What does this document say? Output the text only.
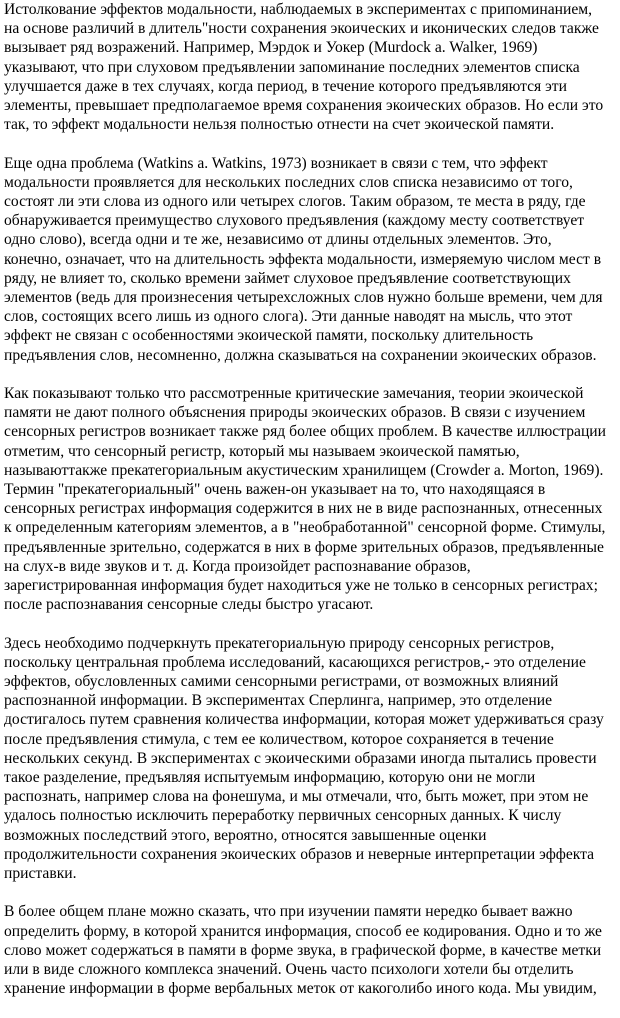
Истолкование эффектов модальности, наблюдаемых в экспериментах с припоминанием,
на основе различий в длитель"ности сохранения экоических и иконических следов также
вызывает ряд возражений. Например, Мэрдок и Уокер (Murdock a. Walker, 1969)
указывают, что при слуховом предъявлении запоминание последних элементов списка
улучшается даже в тех случаях, когда период, в течение которого предъявляются эти
элементы, превышает предполагаемое время сохранения экоических образов. Но если это
так, то эффект модальности нельзя полностью отнести на счет экоической памяти.
Еще одна проблема (Watkins a. Watkins, 1973) возникает в связи с тем, что эффект
модальности проявляется для нескольких последних слов списка независимо от того,
состоят ли эти слова из одного или четырех слогов. Таким образом, те места в ряду, где
обнаруживается преимущество слухового предъявления (каждому месту соответствует
одно слово), всегда одни и те же, независимо от длины отдельных элементов. Это,
конечно, означает, что на длительность эффекта модальности, измеряемую числом мест в
ряду, не влияет то, сколько времени займет слуховое предъявление соответствующих
элементов (ведь для произнесения четырехсложных слов нужно больше времени, чем для
слов, состоящих всего лишь из одного слога). Эти данные наводят на мысль, что этот
эффект не связан с особенностями экоической памяти, поскольку длительность
предъявления слов, несомненно, должна сказываться на сохранении экоических образов.
Как показывают только что рассмотренные критические замечания, теории экоической
памяти не дают полного объяснения природы экоических образов. В связи с изучением
сенсорных регистров возникает также ряд более общих проблем. В качестве иллюстрации
отметим, что сенсорный регистр, который мы называем экоической памятью,
называюттакже прекатегориальным акустическим хранилищем (Crowder a. Morton, 1969).
Термин "прекатегориальный" очень важен-он указывает на то, что находящаяся в
сенсорных регистрах информация содержится в них не в виде распознанных, отнесенных
к определенным категориям элементов, а в "необработанной" сенсорной форме. Стимулы,
предъявленные зрительно, содержатся в них в форме зрительных образов, предъявленные
на слух-в виде звуков и т. д. Когда произойдет распознавание образов,
зарегистрированная информация будет находиться уже не только в сенсорных регистрах;
после распознавания сенсорные следы быстро угасают.
Здесь необходимо подчеркнуть прекатегориальную природу сенсорных регистров,
поскольку центральная проблема исследований, касающихся регистров,- это отделение
эффектов, обусловленных самими сенсорными регистрами, от возможных влияний
распознанной информации. В экспериментах Сперлинга, например, это отделение
достигалось путем сравнения количества информации, которая может удерживаться сразу
после предъявления стимула, с тем ее количеством, которое сохраняется в течение
нескольких секунд. В экспериментах с экоическими образами иногда пытались провести
такое разделение, предъявляя испытуемым информацию, которую они не могли
распознать, например слова на фонешума, и мы отмечали, что, быть может, при этом не
удалось полностью исключить переработку первичных сенсорных данных. К числу
возможных последствий этого, вероятно, относятся завышенные оценки
продолжительности сохранения экоических образов и неверные интерпретации эффекта
приставки.
В более общем плане можно сказать, что при изучении памяти нередко бывает важно
определить форму, в которой хранится информация, способ ее кодирования. Одно и то же
слово может содержаться в памяти в форме звука, в графической форме, в качестве метки
или в виде сложного комплекса значений. Очень часто психологи хотели бы отделить
хранение информации в форме вербальных меток от какоголибо иного кода. Мы увидим,
